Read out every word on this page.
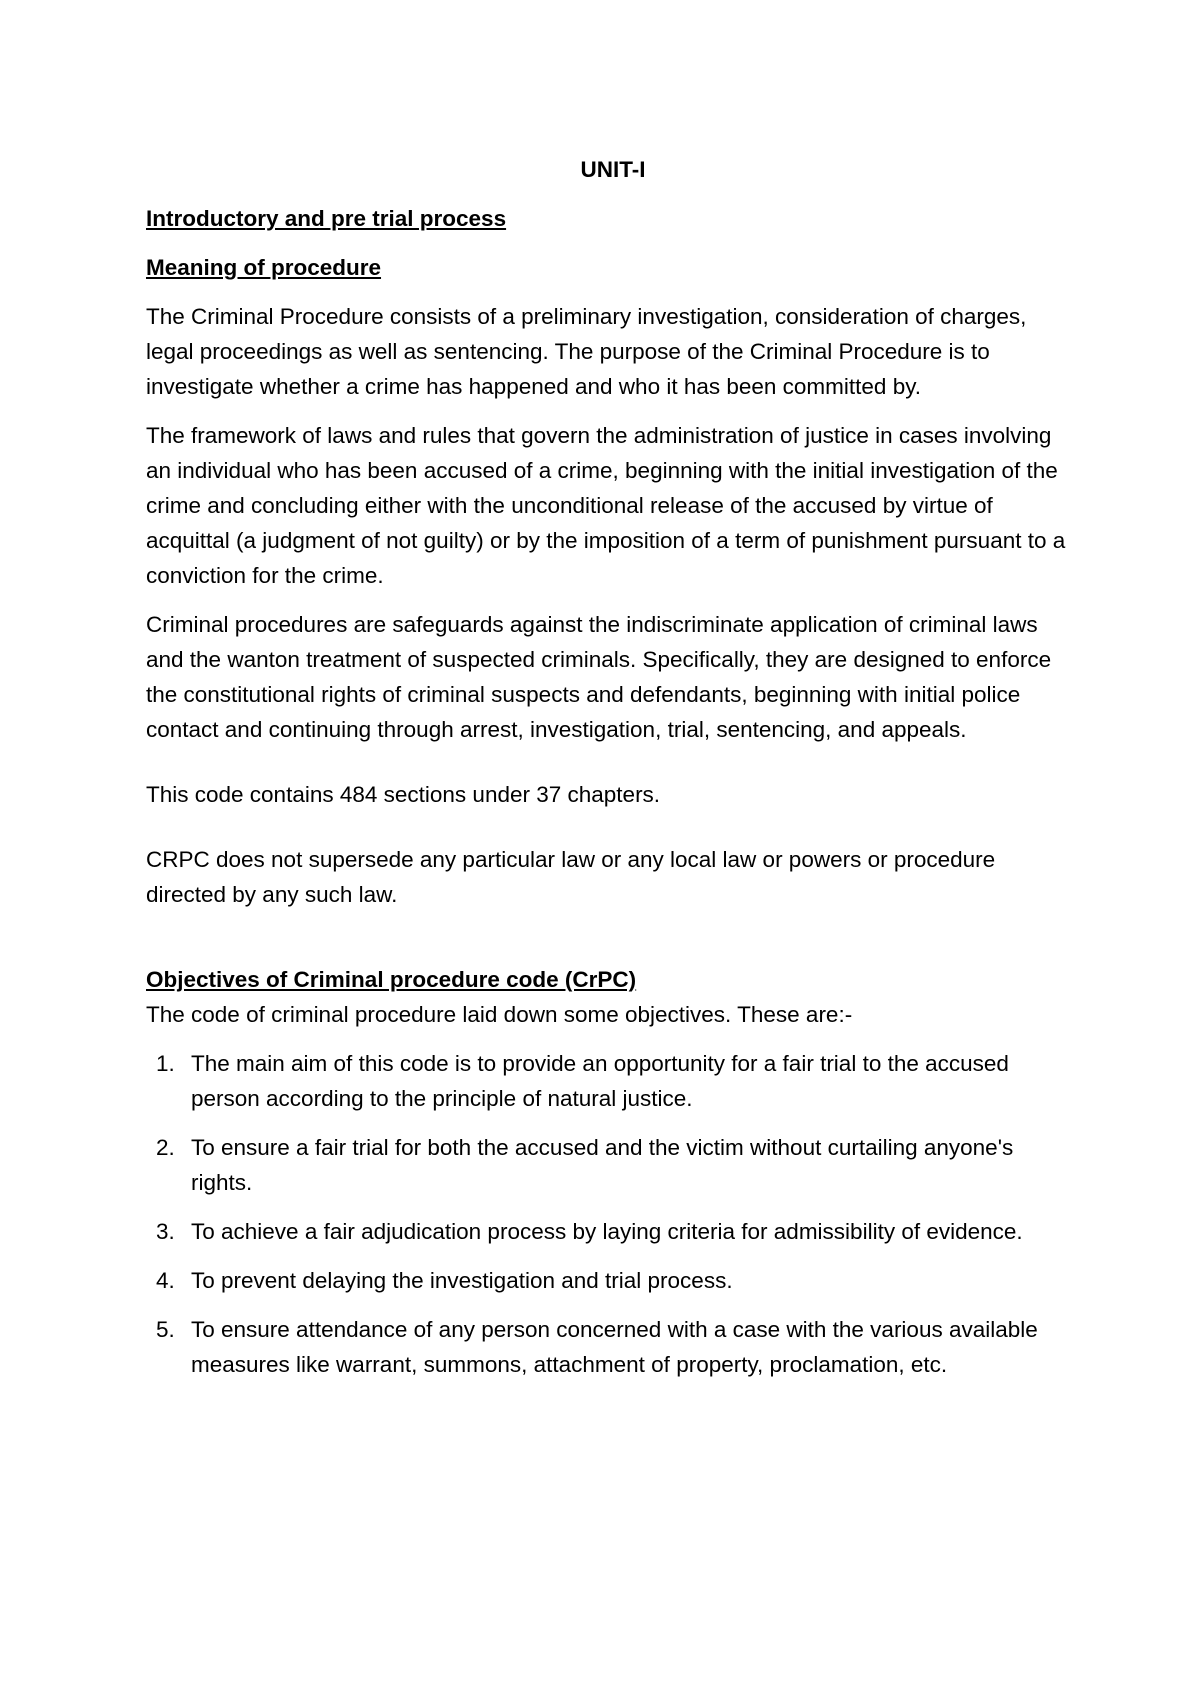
UNIT-I
Introductory and pre trial process
Meaning of procedure

The Criminal Procedure consists of a preliminary investigation, consideration of charges, legal proceedings as well as sentencing. The purpose of the Criminal Procedure is to investigate whether a crime has happened and who it has been committed by.

The framework of laws and rules that govern the administration of justice in cases involving an individual who has been accused of a crime, beginning with the initial investigation of the crime and concluding either with the unconditional release of the accused by virtue of acquittal (a judgment of not guilty) or by the imposition of a term of punishment pursuant to a conviction for the crime.

Criminal procedures are safeguards against the indiscriminate application of criminal laws and the wanton treatment of suspected criminals. Specifically, they are designed to enforce the constitutional rights of criminal suspects and defendants, beginning with initial police contact and continuing through arrest, investigation, trial, sentencing, and appeals.

This code contains 484 sections under 37 chapters.

CRPC does not supersede any particular law or any local law or powers or procedure directed by any such law.

Objectives of Criminal procedure code (CrPC)

The code of criminal procedure laid down some objectives. These are:-

1. The main aim of this code is to provide an opportunity for a fair trial to the accused person according to the principle of natural justice.
2. To ensure a fair trial for both the accused and the victim without curtailing anyone's rights.
3. To achieve a fair adjudication process by laying criteria for admissibility of evidence.
4. To prevent delaying the investigation and trial process.
5. To ensure attendance of any person concerned with a case with the various available measures like warrant, summons, attachment of property, proclamation, etc.
